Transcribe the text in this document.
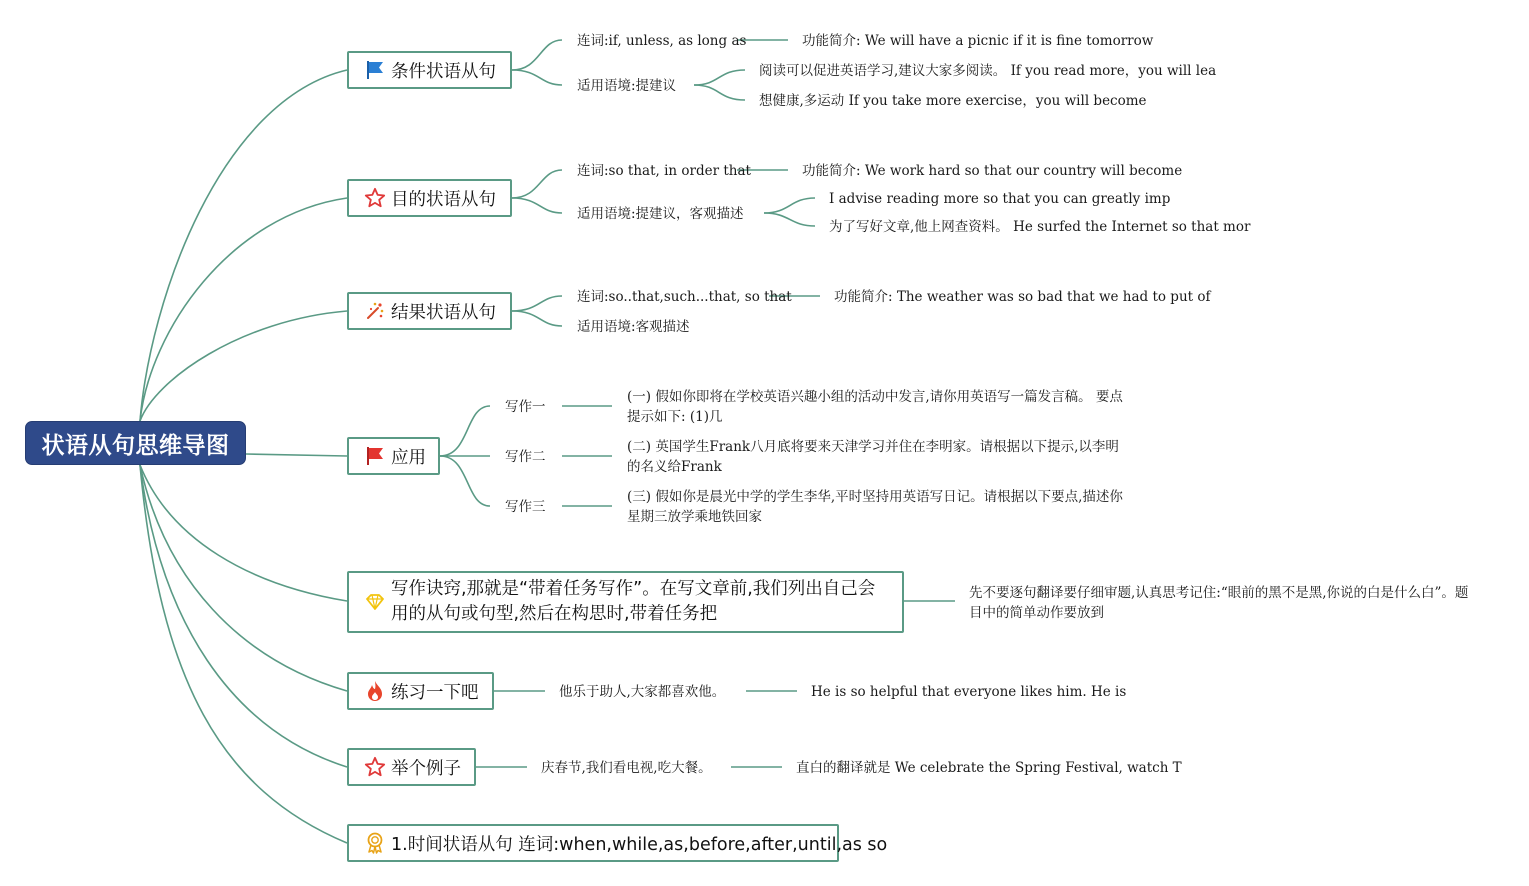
状语从句思维导图
条件状语从句
连词:if, unless, as long as	功能简介: We will have a picnic if it is fine tomorrow
适用语境:提建议
阅读可以促进英语学习,建议大家多阅读。 If you read more，you will lea
想健康,多运动 If you take more exercise，you will become
目的状语从句
连词:so that, in order that	功能简介: We work hard so that our country will become
适用语境:提建议，客观描述
I advise reading more so that you can greatly imp
为了写好文章,他上网查资料。 He surfed the Internet so that mor
结果状语从句
连词:so..that,such...that, so that	功能简介: The weather was so bad that we had to put of
适用语境:客观描述
应用
写作一
写作二
写作三
(一) 假如你即将在学校英语兴趣小组的活动中发言,请你用英语写一篇发言稿。 要点提示如下: (1)几
(二) 英国学生Frank八月底将要来天津学习并住在李明家。请根据以下提示,以李明的名义给Frank
(三) 假如你是晨光中学的学生李华,平时坚持用英语写日记。请根据以下要点,描述你星期三放学乘地铁回家
写作诀窍,那就是“带着任务写作”。在写文章前,我们列出自己会用的从句或句型,然后在构思时,带着任务把
先不要逐句翻译要仔细审题,认真思考记住:“眼前的黑不是黑,你说的白是什么白”。题目中的简单动作要放到
练习一下吧	他乐于助人,大家都喜欢他。	He is so helpful that everyone likes him. He is
举个例子	庆春节,我们看电视,吃大餐。	直白的翻译就是 We celebrate the Spring Festival, watch T
1.时间状语从句 连词:when,while,as,before,after,until,as so
